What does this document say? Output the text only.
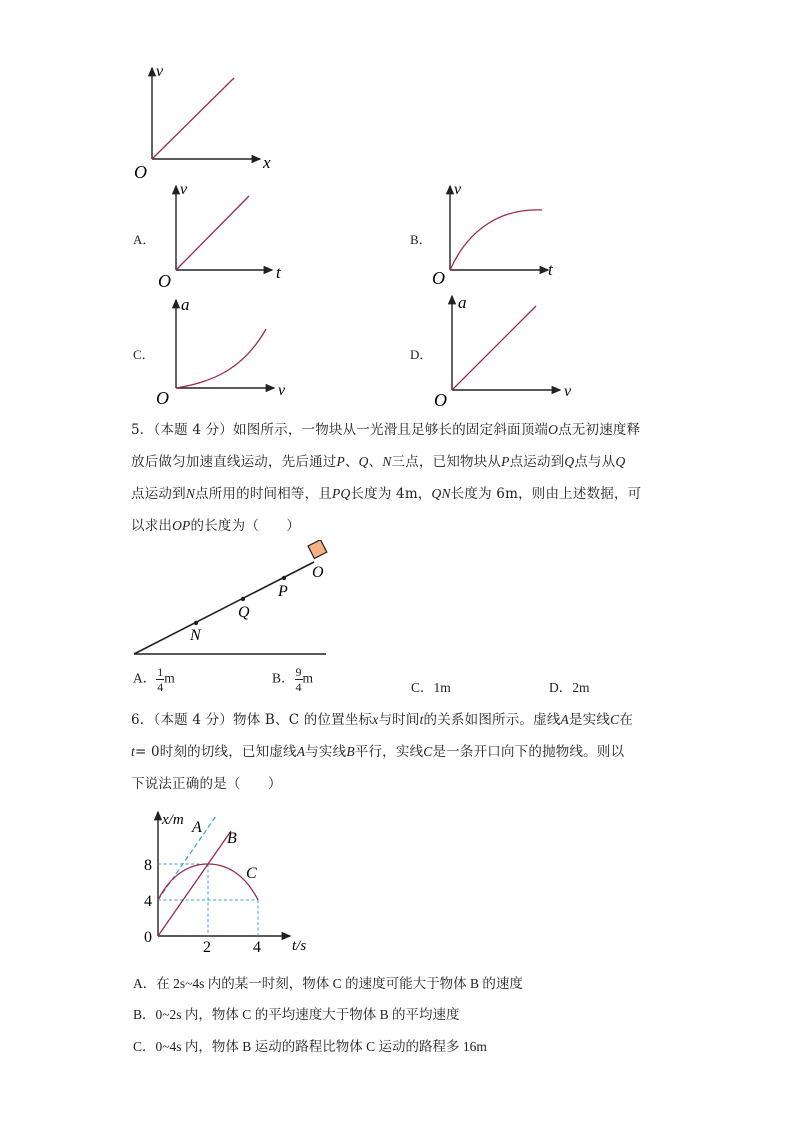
v
x
O
A．
v
t
O
B．
v
t
O
C．
a
v
O
D．
a
v
O
5．（本题 4 分）如图所示，一物块从一光滑且足够长的固定斜面顶端O点无初速度释
放后做匀加速直线运动，先后通过P、Q、N三点，已知物块从P点运动到Q点与从Q
点运动到N点所用的时间相等，且PQ长度为 4m，QN长度为 6m，则由上述数据，可
以求出OP的长度为（　　）
O
P
Q
N
A． $\frac{1}{4}$ m	B． $\frac{9}{4}$ m
C．1m	D．2m
6．（本题 4 分）物体 B、C 的位置坐标x与时间t的关系如图所示。虚线A是实线C在
t= 0时刻的切线，已知虚线A与实线B平行，实线C是一条开口向下的抛物线。则以
下说法正确的是（　　）
x/m
t/s
8
4
0
2	4
A
B
C
A．在 2s~4s 内的某一时刻，物体 C 的速度可能大于物体 B 的速度
B．0~2s 内，物体 C 的平均速度大于物体 B 的平均速度
C．0~4s 内，物体 B 运动的路程比物体 C 运动的路程多 16m
